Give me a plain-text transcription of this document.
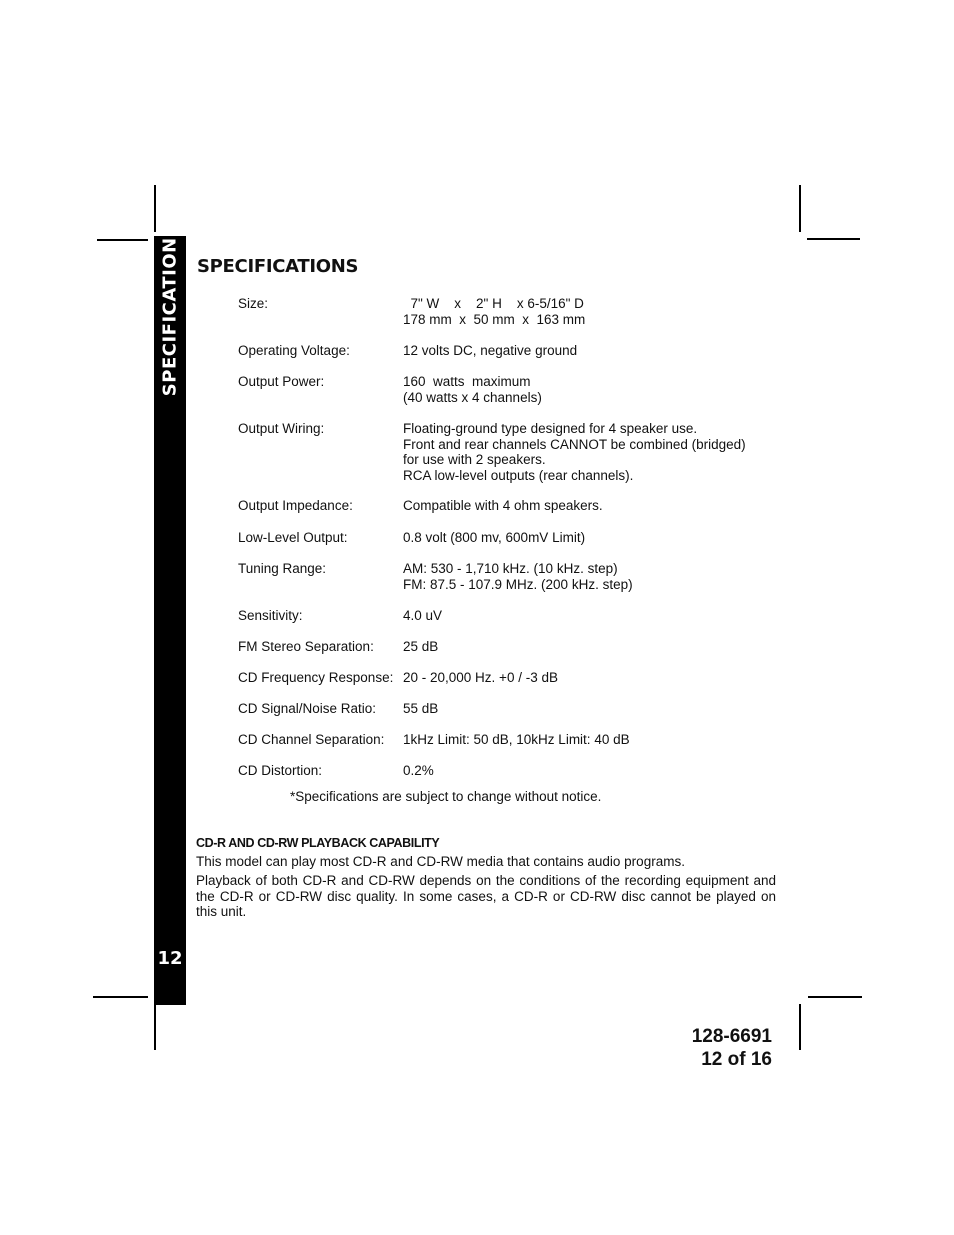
SPECIFICATIONS
12
SPECIFICATIONS
Size:	7" W    x    2" H    x 6-5/16" D
178 mm  x  50 mm  x  163 mm
Operating Voltage:	12 volts DC, negative ground
Output Power:	160  watts  maximum
(40 watts x 4 channels)
Output Wiring:	Floating-ground type designed for 4 speaker use.
Front and rear channels CANNOT be combined (bridged)
for use with 2 speakers.
RCA low-level outputs (rear channels).
Output Impedance:	Compatible with 4 ohm speakers.
Low-Level Output:	0.8 volt (800 mv, 600mV Limit)
Tuning Range:	AM: 530 - 1,710 kHz. (10 kHz. step)
FM: 87.5 - 107.9 MHz. (200 kHz. step)
Sensitivity:	4.0 uV
FM Stereo Separation: 25 dB
CD Frequency Response: 20 - 20,000 Hz. +0 / -3 dB
CD Signal/Noise Ratio: 55 dB
CD Channel Separation: 1kHz Limit: 50 dB, 10kHz Limit: 40 dB
CD Distortion:	0.2%
*Specifications are subject to change without notice.
CD-R AND CD-RW PLAYBACK CAPABILITY

This model can play most CD-R and CD-RW media that contains audio programs.

Playback of both CD-R and CD-RW depends on the conditions of the recording equipment and the CD-R or CD-RW disc quality. In some cases, a CD-R or CD-RW disc cannot be played on this unit.

128-6691
12 of 16
